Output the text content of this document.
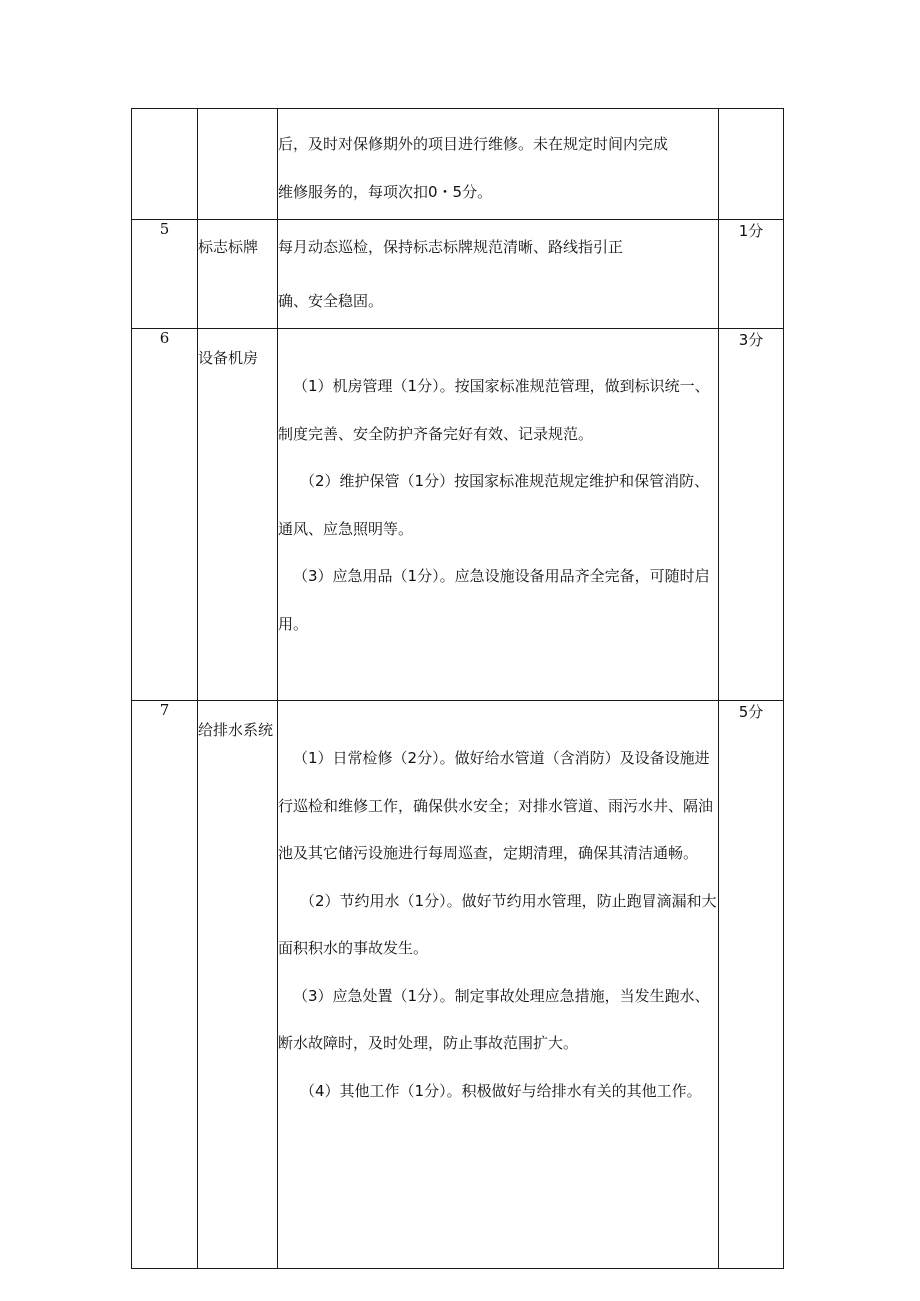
		后，及时对保修期外的项目进行维修。未在规定时间内完成

维修服务的，每项次扣0・5分。	

5	标志标牌	每月动态巡检，保持标志标牌规范清晰、路线指引正

确、安全稳固。	1分
6	设备机房	（1）机房管理（1分）。按国家标准规范管理，做到标识统一、制度完善、安全防护齐备完好有效、记录规范。

（2）维护保管（1分）按国家标准规范规定维护和保管消防、通风、应急照明等。

（3）应急用品（1分）。应急设施设备用品齐全完备，可随时启用。	3分
7	给排水系统	（1）日常检修（2分）。做好给水管道（含消防）及设备设施进行巡检和维修工作，确保供水安全；对排水管道、雨污水井、隔油池及其它储污设施进行每周巡查，定期清理，确保其清洁通畅。

（2）节约用水（1分）。做好节约用水管理，防止跑冒滴漏和大面积积水的事故发生。

（3）应急处置（1分）。制定事故处理应急措施，当发生跑水、断水故障时，及时处理，防止事故范围扩大。

（4）其他工作（1分）。积极做好与给排水有关的其他工作。	5分
